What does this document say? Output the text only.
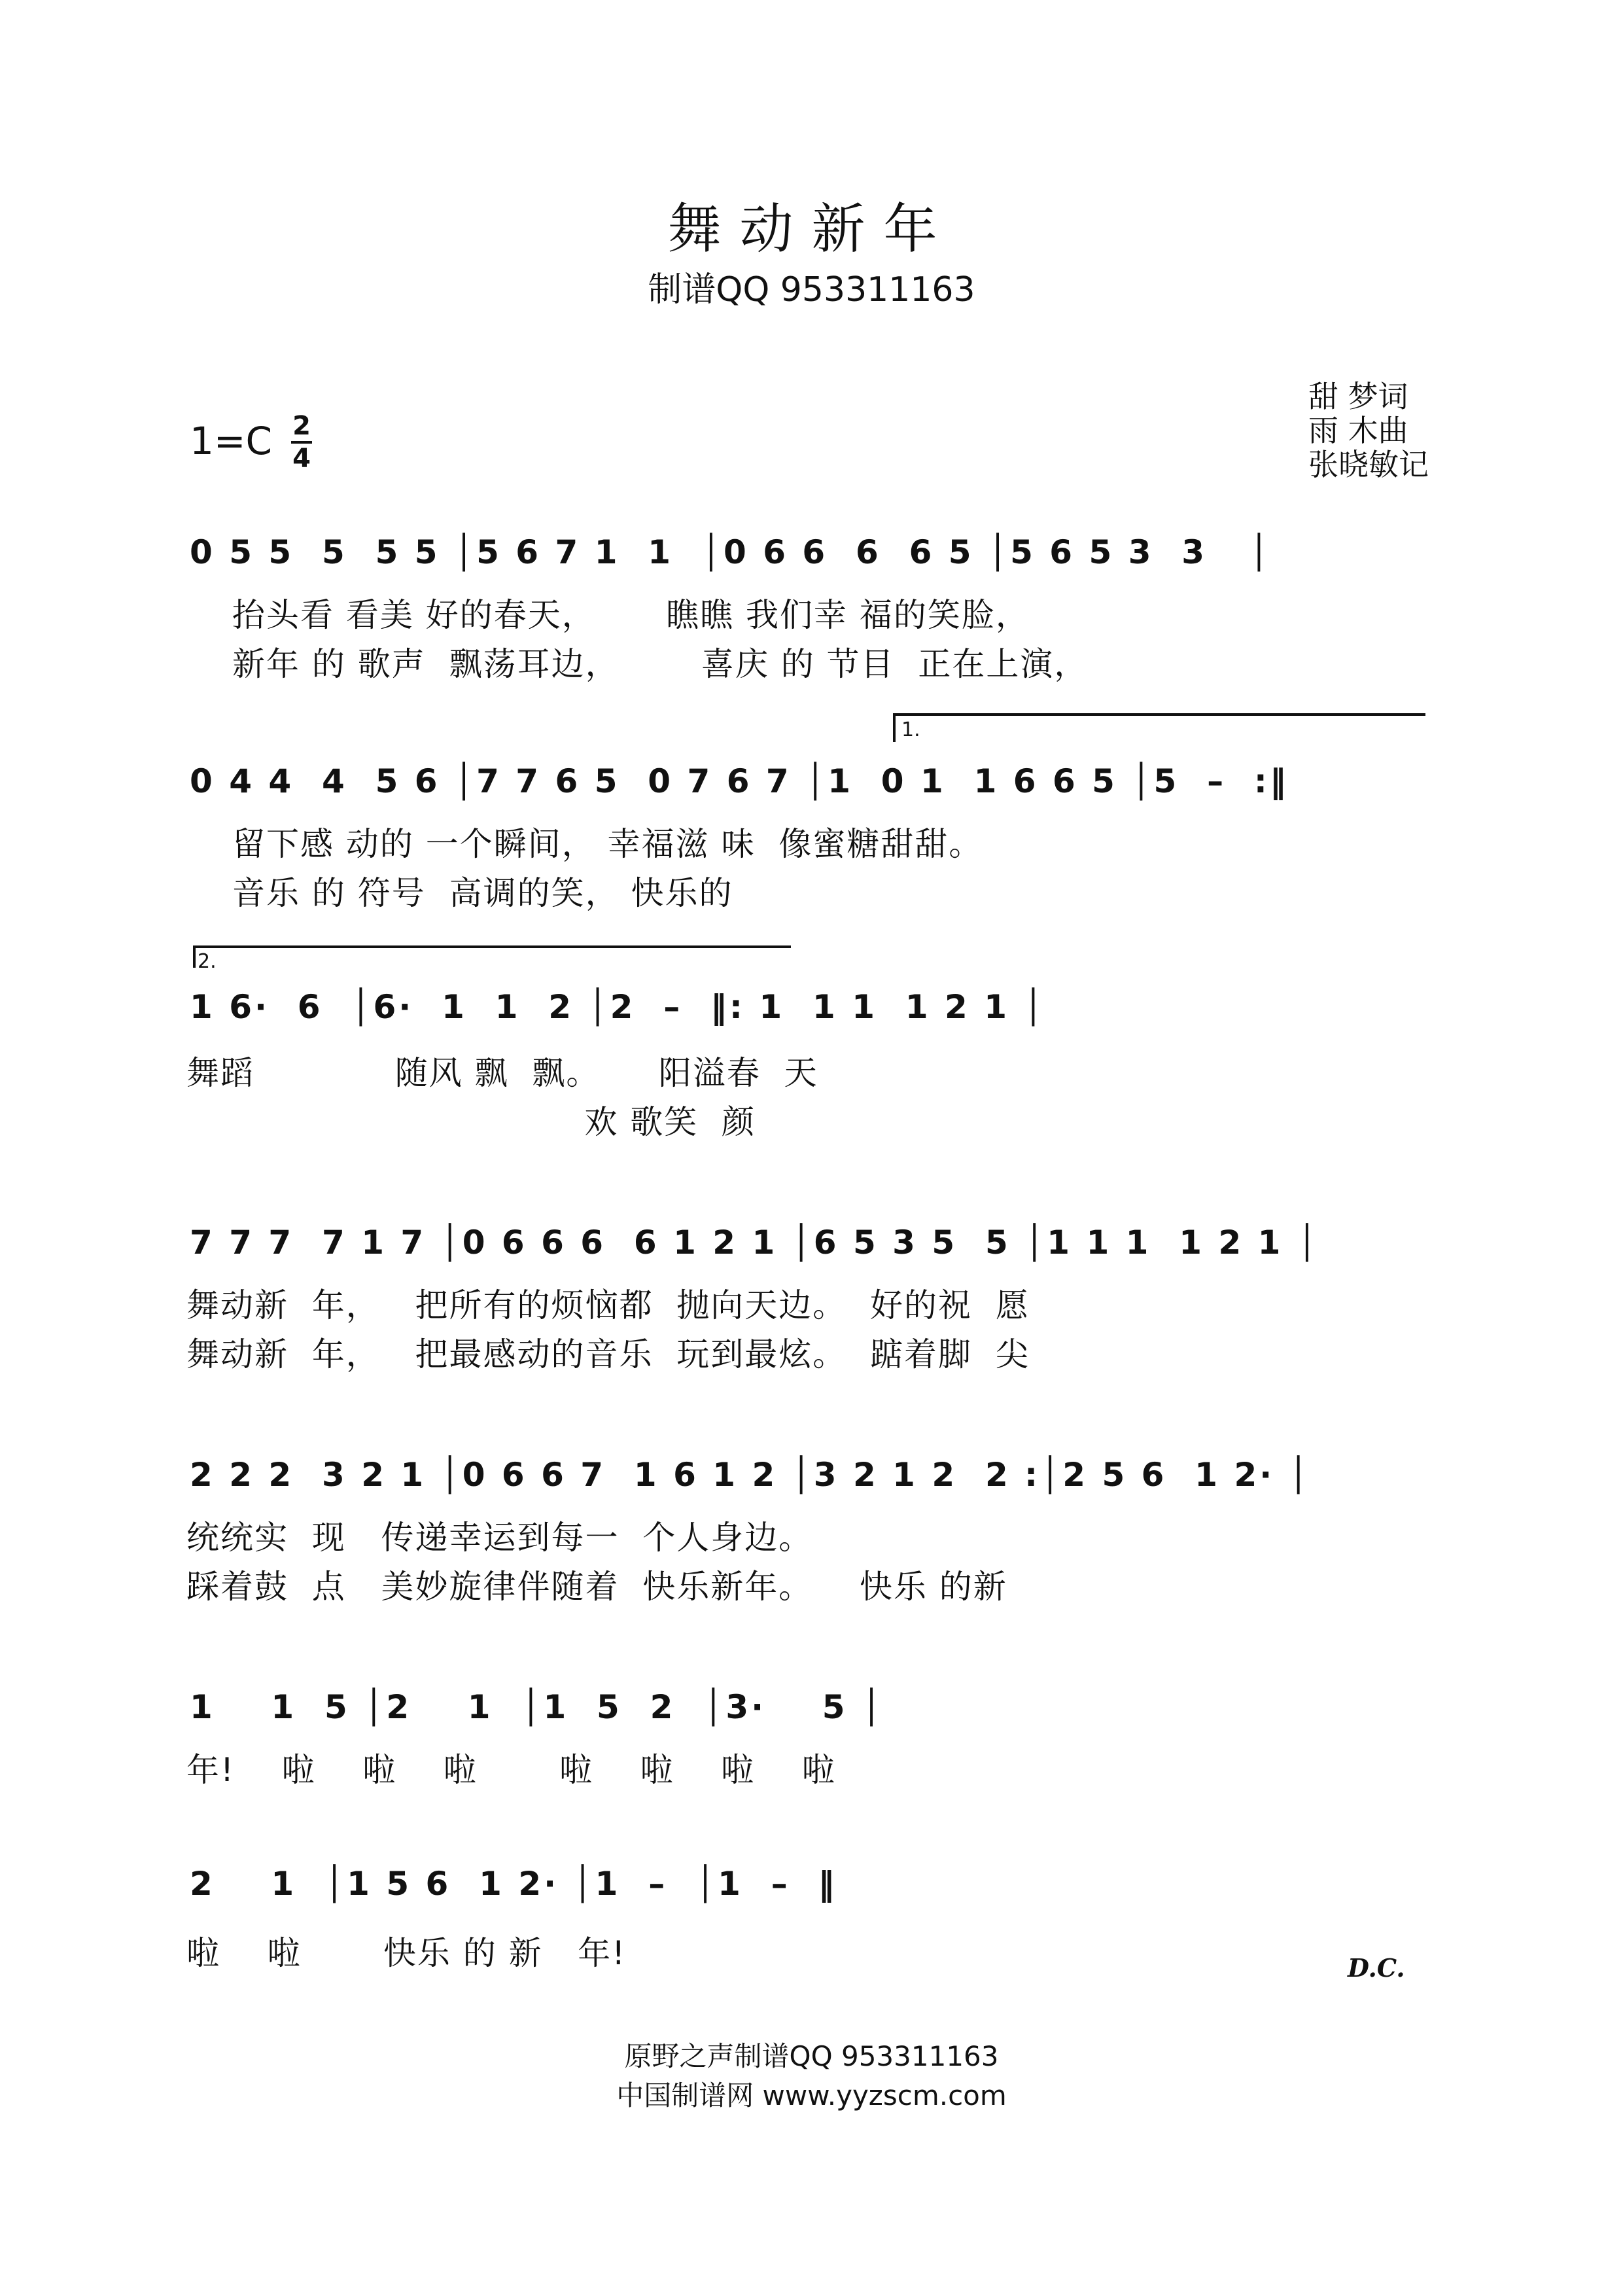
舞动新年
制谱QQ 953311163
甜 梦词
雨 木曲
张晓敏记
1=C 2
4
0 5 5  5  5 5 │5 6 7 1  1  │0 6 6  6  6 5 │5 6 5 3  3   │
抬头看 看美 好的春天，      瞧瞧 我们幸 福的笑脸，
新年 的 歌声  飘荡耳边，       喜庆 的 节目  正在上演，
1.
0 4 4  4  5 6 │7 7 6 5  0 7 6 7 │1  0 1  1 6 6 5 │5  –  :‖
留下感 动的 一个瞬间， 幸福滋 味  像蜜糖甜甜。
音乐 的 符号  高调的笑， 快乐的
2.
1 6·  6  │6·  1  1  2 │2  –  ‖: 1  1 1  1 2 1 │
舞蹈            随风 飘  飘。     阳溢春  天
欢 歌笑  颜
7 7 7  7 1 7 │0 6 6 6  6 1 2 1 │6 5 3 5  5 │1 1 1  1 2 1 │
舞动新  年，   把所有的烦恼都  抛向天边。  好的祝  愿
舞动新  年，   把最感动的音乐  玩到最炫。  踮着脚  尖
2 2 2  3 2 1 │0 6 6 7  1 6 1 2 │3 2 1 2  2 :│2 5 6  1 2· │
统统实  现   传递幸运到每一  个人身边。
踩着鼓  点   美妙旋律伴随着  快乐新年。    快乐 的新
1    1  5 │2    1  │1  5  2  │3·    5 │
年!    啦    啦    啦       啦    啦    啦    啦
2    1  │1 5 6  1 2· │1  –  │1  –  ‖
啦    啦       快乐 的 新   年!	D.C.
原野之声制谱QQ 953311163
中国制谱网 www.yyzscm.com
